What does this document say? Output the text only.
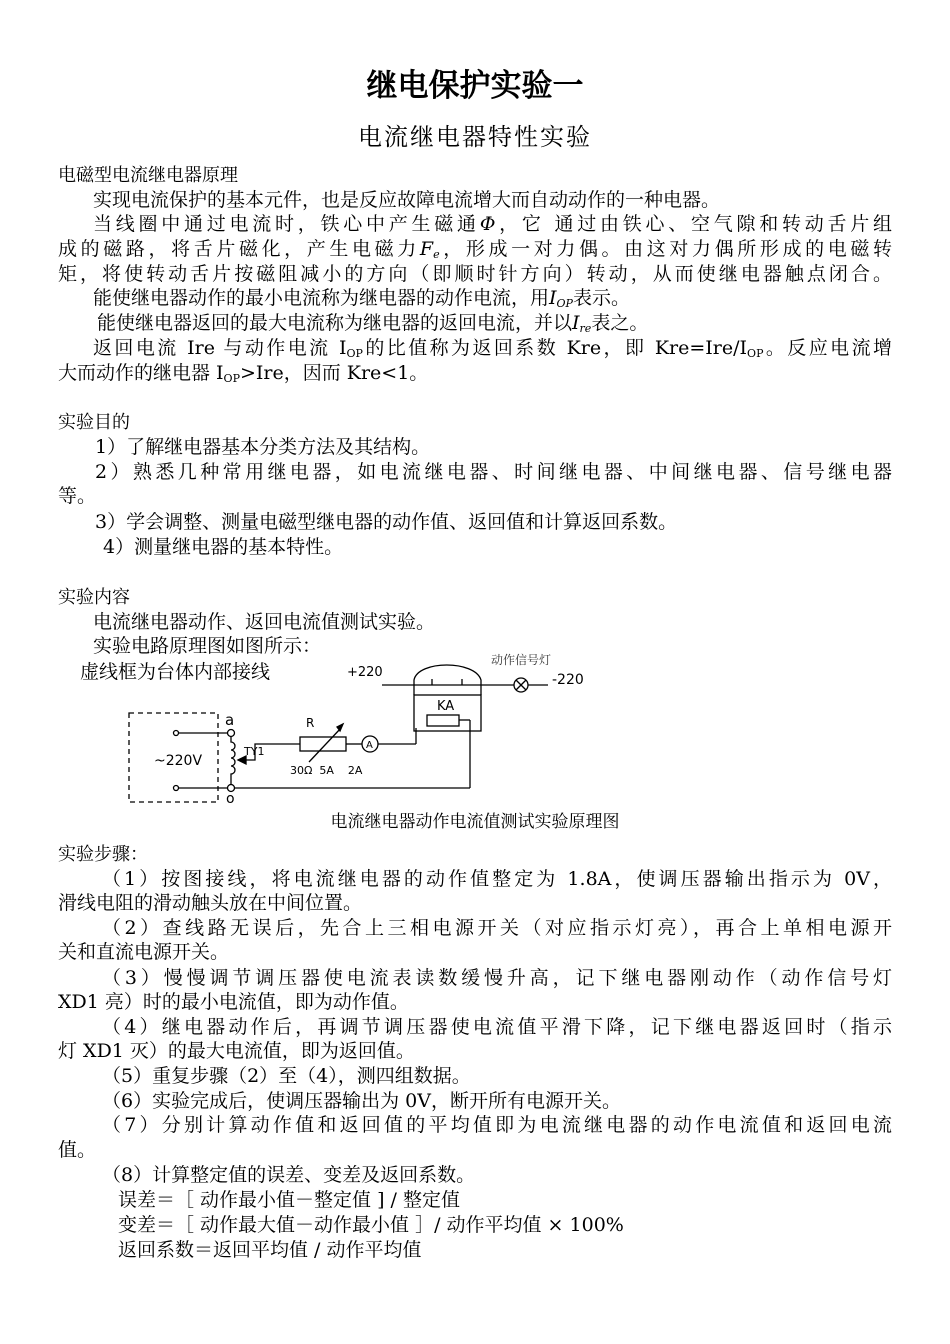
继电保护实验一
电流继电器特性实验
电磁型电流继电器原理
实现电流保护的基本元件，也是反应故障电流增大而自动动作的一种电器。
当线圈中通过电流时，铁心中产生磁通Φ，它 通过由铁心、空气隙和转动舌片组
成的磁路，将舌片磁化，产生电磁力$F_e$，形成一对力偶。由这对力偶所形成的电磁转
矩，将使转动舌片按磁阻减小的方向（即顺时针方向）转动，从而使继电器触点闭合。
能使继电器动作的最小电流称为继电器的动作电流，用$I_{OP}$表示。
能使继电器返回的最大电流称为继电器的返回电流，并以$I_{re}$表之。
返回电流 Ire 与动作电流 $I_{OP}$的比值称为返回系数 Kre，即 $Kre=Ire/I_{OP}$。反应电流增
大而动作的继电器 $I_{OP}>Ire$，因而 Kre<1。
实验目的
1）了解继电器基本分类方法及其结构。
2）熟悉几种常用继电器，如电流继电器、时间继电器、中间继电器、信号继电器
等。
3）学会调整、测量电磁型继电器的动作值、返回值和计算返回系数。
4）测量继电器的基本特性。
实验内容
电流继电器动作、返回电流值测试实验。
实验电路原理图如图所示：
虚线框为台体内部接线	+220	-220
动作信号灯
KA
a
o
~220V
TY1
R
A
30Ω  5A    2A
电流继电器动作电流值测试实验原理图
实验步骤：
（1）按图接线，将电流继电器的动作值整定为 1.8A，使调压器输出指示为 0V，
滑线电阻的滑动触头放在中间位置。
（2）查线路无误后，先合上三相电源开关（对应指示灯亮），再合上单相电源开
关和直流电源开关。
（3）慢慢调节调压器使电流表读数缓慢升高，记下继电器刚动作（动作信号灯
XD1 亮）时的最小电流值，即为动作值。
（4）继电器动作后，再调节调压器使电流值平滑下降，记下继电器返回时（指示
灯 XD1 灭）的最大电流值，即为返回值。
（5）重复步骤（2）至（4），测四组数据。
（6）实验完成后，使调压器输出为 0V，断开所有电源开关。
（7）分别计算动作值和返回值的平均值即为电流继电器的动作电流值和返回电流
值。
（8）计算整定值的误差、变差及返回系数。
误差＝［ 动作最小值－整定值 ] / 整定值
变差＝［ 动作最大值－动作最小值 ］/ 动作平均值 × 100%
返回系数＝返回平均值 / 动作平均值
